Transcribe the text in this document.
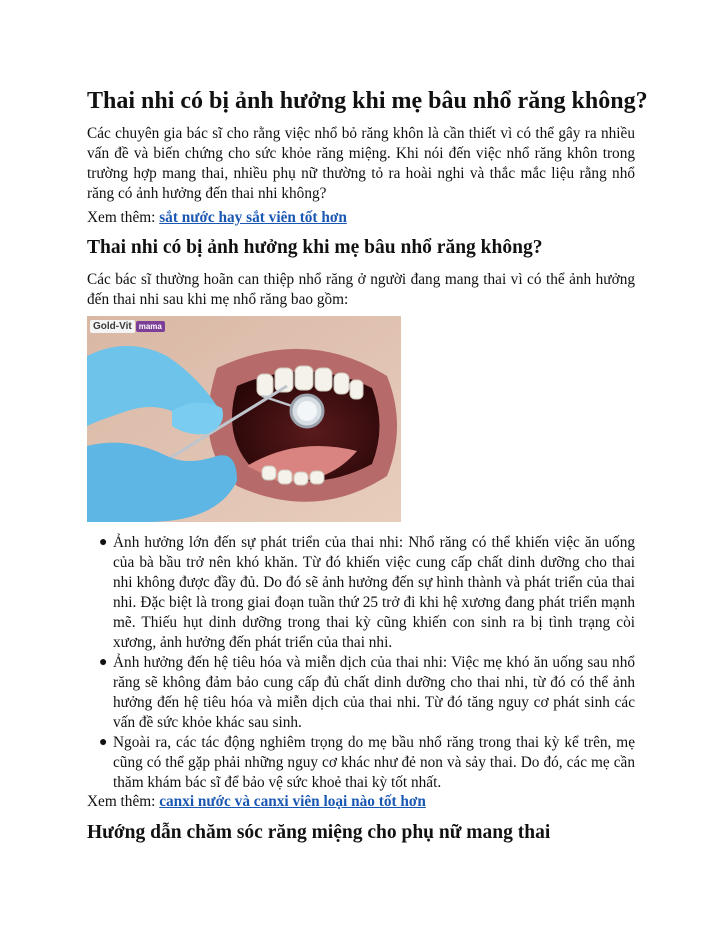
Thai nhi có bị ảnh hưởng khi mẹ bâu nhổ răng không?

Các chuyên gia bác sĩ cho rằng việc nhổ bỏ răng khôn là cần thiết vì có thể gây ra nhiều vấn đề và biến chứng cho sức khỏe răng miệng. Khi nói đến việc nhổ răng khôn trong trường hợp mang thai, nhiều phụ nữ thường tỏ ra hoài nghi và thắc mắc liệu rằng nhổ răng có ảnh hưởng đến thai nhi không?

Xem thêm: sắt nước hay sắt viên tốt hơn

Thai nhi có bị ảnh hưởng khi mẹ bâu nhổ răng không?

Các bác sĩ thường hoãn can thiệp nhổ răng ở người đang mang thai vì có thể ảnh hưởng đến thai nhi sau khi mẹ nhổ răng bao gồm:

Gold-Vit mama
● Ảnh hưởng lớn đến sự phát triển của thai nhi: Nhổ răng có thể khiến việc ăn uống của bà bầu trở nên khó khăn. Từ đó khiến việc cung cấp chất dinh dưỡng cho thai nhi không được đầy đủ. Do đó sẽ ảnh hưởng đến sự hình thành và phát triển của thai nhi. Đặc biệt là trong giai đoạn tuần thứ 25 trở đi khi hệ xương đang phát triển mạnh mẽ. Thiếu hụt dinh dưỡng trong thai kỳ cũng khiến con sinh ra bị tình trạng còi xương, ảnh hưởng đến phát triển của thai nhi.
● Ảnh hưởng đến hệ tiêu hóa và miễn dịch của thai nhi: Việc mẹ khó ăn uống sau nhổ răng sẽ không đảm bảo cung cấp đủ chất dinh dưỡng cho thai nhi, từ đó có thể ảnh hưởng đến hệ tiêu hóa và miễn dịch của thai nhi. Từ đó tăng nguy cơ phát sinh các vấn đề sức khỏe khác sau sinh.
● Ngoài ra, các tác động nghiêm trọng do mẹ bầu nhổ răng trong thai kỳ kể trên, mẹ cũng có thể gặp phải những nguy cơ khác như đẻ non và sảy thai. Do đó, các mẹ cần thăm khám bác sĩ để bảo vệ sức khoẻ thai kỳ tốt nhất.

Xem thêm: canxi nước và canxi viên loại nào tốt hơn

Hướng dẫn chăm sóc răng miệng cho phụ nữ mang thai
